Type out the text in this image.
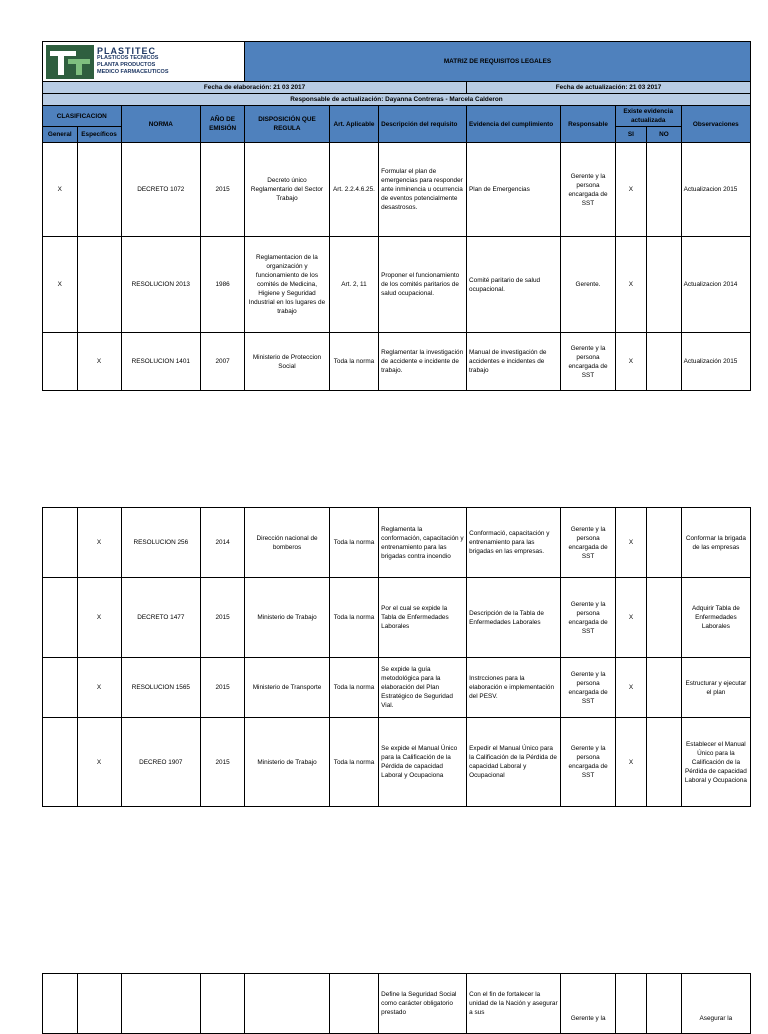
PLASTITEC
PLASTICOS TECNICOS
PLANTA PRODUCTOS
MEDICO FARMACEUTICOS				MATRIZ DE REQUISITOS LEGALES							
Fecha de elaboración: 21 03 2017							Fecha de actualización: 21 03 2017				
Responsable de actualización: Dayanna Contreras - Marcela Calderon											
CLASIFICACION		NORMA	AÑO DE EMISIÓN	DISPOSICIÓN QUE REGULA	Art. Aplicable	Descripción del requisito	Evidencia del cumplimiento	Responsable	Existe evidencia actualizada		Observaciones
General	Específicos								SI	NO	
X		DECRETO 1072	2015	Decreto único Reglamentario del Sector Trabajo	Art. 2.2.4.6.25.	Formular el plan de emergencias para responder ante inminencia u ocurrencia de eventos potencialmente desastrosos.	Plan de Emergencias	Gerente y la persona encargada de SST	X		Actualizacion 2015
X		RESOLUCION 2013	1986	Reglamentacion de la organización y funcionamiento de los comités de Medicina, Higiene y Seguridad Industrial en los lugares de trabajo	Art. 2, 11	Proponer el funcionamiento de los comités paritarios de salud ocupacional.	Comité paritario de salud ocupacional.	Gerente.	X		Actualizacion 2014
	X	RESOLUCION 1401	2007	Ministerio de Proteccion Social	Toda la norma	Reglamentar la investigación de accidente e incidente de trabajo.	Manual de investigación de accidentes e incidentes de trabajo	Gerente y la persona encargada de SST	X		Actualización 2015
	X	RESOLUCION 256	2014	Dirección nacional de bomberos	Toda la norma	Reglamenta la conformación, capacitación y entrenamiento para las brigadas contra incendio	Conformació, capacitación y entrenamiento para las brigadas en las empresas.	Gerente y la persona encargada de SST	X		Conformar la brigada de las empresas
	X	DECRETO 1477	2015	Ministerio de Trabajo	Toda la norma	Por el cual se expide la Tabla de Enfermedades Laborales	Descripción de la Tabla de Enfermedades Laborales	Gerente y la persona encargada de SST	X		Adquirir Tabla de Enfermedades Laborales
	X	RESOLUCION 1565	2015	Ministerio de Transporte	Toda la norma	Se expide la guía metodológica para la elaboración del Plan Estratégico de Seguridad Vial.	Instrcciones para la elaboración e implementación del PESV.	Gerente y la persona encargada de SST	X		Estructurar y ejecutar el plan
	X	DECREO 1907	2015	Ministerio de Trabajo	Toda la norma	Se expide el Manual Único para la Calificación de la Pérdida de capacidad Laboral y Ocupaciona	Expedir el Manual Único para la Calificación de la Pérdida de capacidad Laboral y Ocupacional	Gerente y la persona encargada de SST	X		Establecer el Manual Único para la Calificación de la Pérdida de capacidad Laboral y Ocupaciona
						Define la Seguridad Social como carácter obligatorio prestado	Con el fin de fortalecer la unidad de la Nación y asegurar a sus	Gerente y la			Asegurar la
